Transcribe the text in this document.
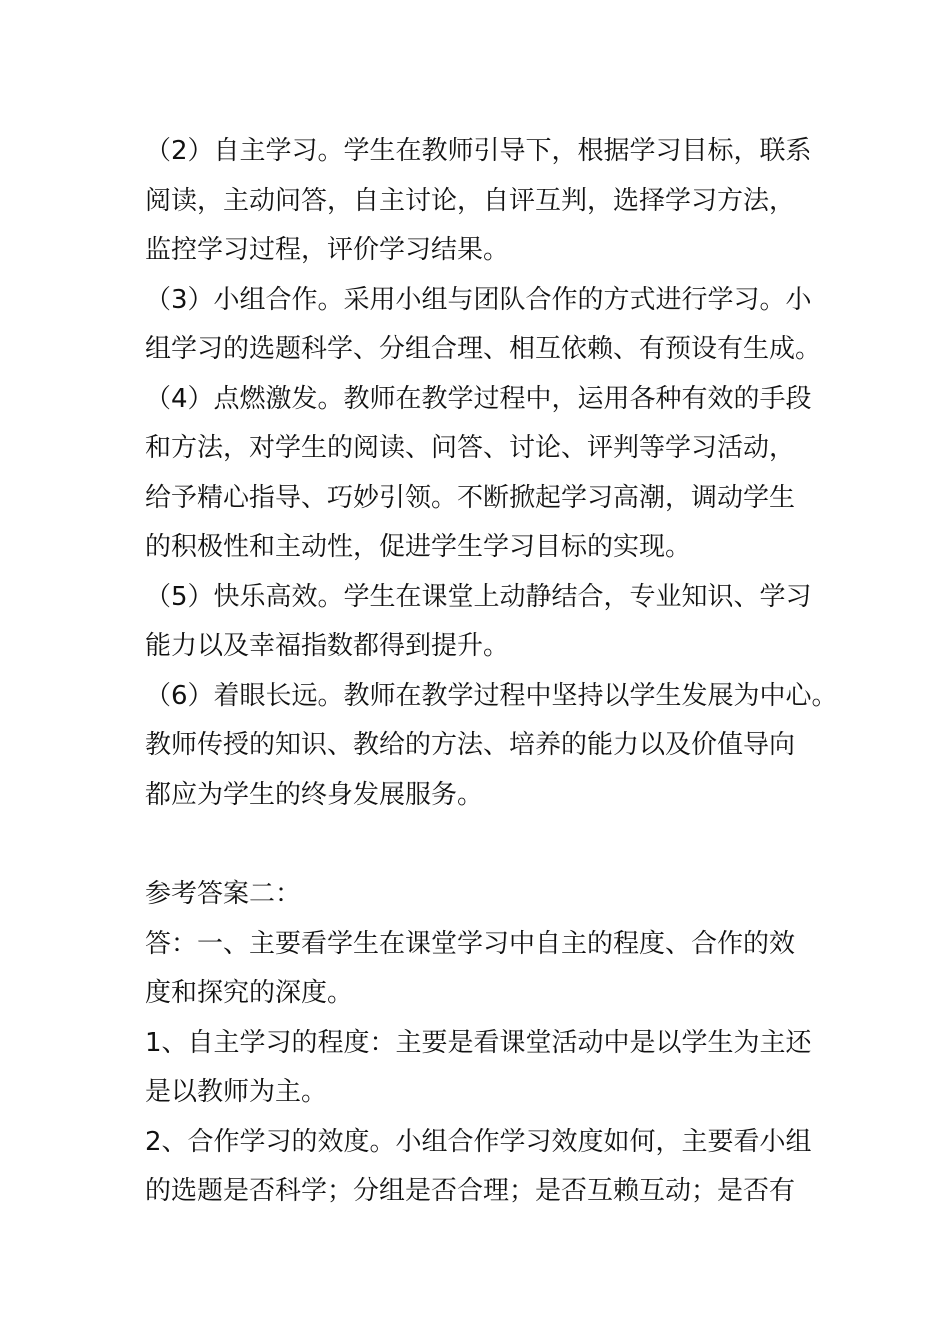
（2）自主学习。学生在教师引导下，根据学习目标，联系

阅读，主动问答，自主讨论，自评互判，选择学习方法，

监控学习过程，评价学习结果。

（3）小组合作。采用小组与团队合作的方式进行学习。小

组学习的选题科学、分组合理、相互依赖、有预设有生成。

（4）点燃激发。教师在教学过程中，运用各种有效的手段

和方法，对学生的阅读、问答、讨论、评判等学习活动，

给予精心指导、巧妙引领。不断掀起学习高潮，调动学生

的积极性和主动性，促进学生学习目标的实现。

（5）快乐高效。学生在课堂上动静结合，专业知识、学习

能力以及幸福指数都得到提升。

（6）着眼长远。教师在教学过程中坚持以学生发展为中心。

教师传授的知识、教给的方法、培养的能力以及价值导向

都应为学生的终身发展服务。

参考答案二：

答：一、主要看学生在课堂学习中自主的程度、合作的效

度和探究的深度。

1、自主学习的程度：主要是看课堂活动中是以学生为主还

是以教师为主。

2、合作学习的效度。小组合作学习效度如何，主要看小组

的选题是否科学；分组是否合理；是否互赖互动；是否有
